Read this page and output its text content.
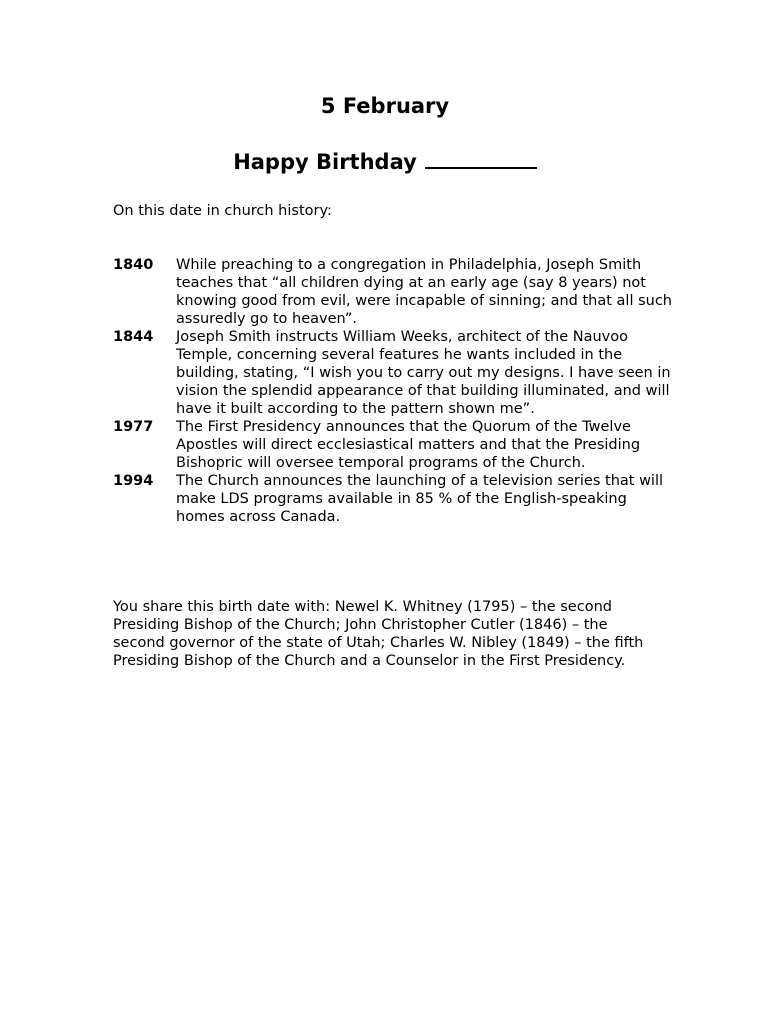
5 February
Happy Birthday
On this date in church history:
1840	While preaching to a congregation in Philadelphia, Joseph Smith teaches that “all children dying at an early age (say 8 years) not knowing good from evil, were incapable of sinning; and that all such assuredly go to heaven”.
1844	Joseph Smith instructs William Weeks, architect of the Nauvoo Temple, concerning several features he wants included in the building, stating, “I wish you to carry out my designs. I have seen in vision the splendid appearance of that building illuminated, and will have it built according to the pattern shown me”.
1977	The First Presidency announces that the Quorum of the Twelve Apostles will direct ecclesiastical matters and that the Presiding Bishopric will oversee temporal programs of the Church.
1994	The Church announces the launching of a television series that will make LDS programs available in 85 % of the English-speaking homes across Canada.
You share this birth date with: Newel K. Whitney (1795) – the second Presiding Bishop of the Church; John Christopher Cutler (1846) – the second governor of the state of Utah; Charles W. Nibley (1849) – the fifth Presiding Bishop of the Church and a Counselor in the First Presidency.
